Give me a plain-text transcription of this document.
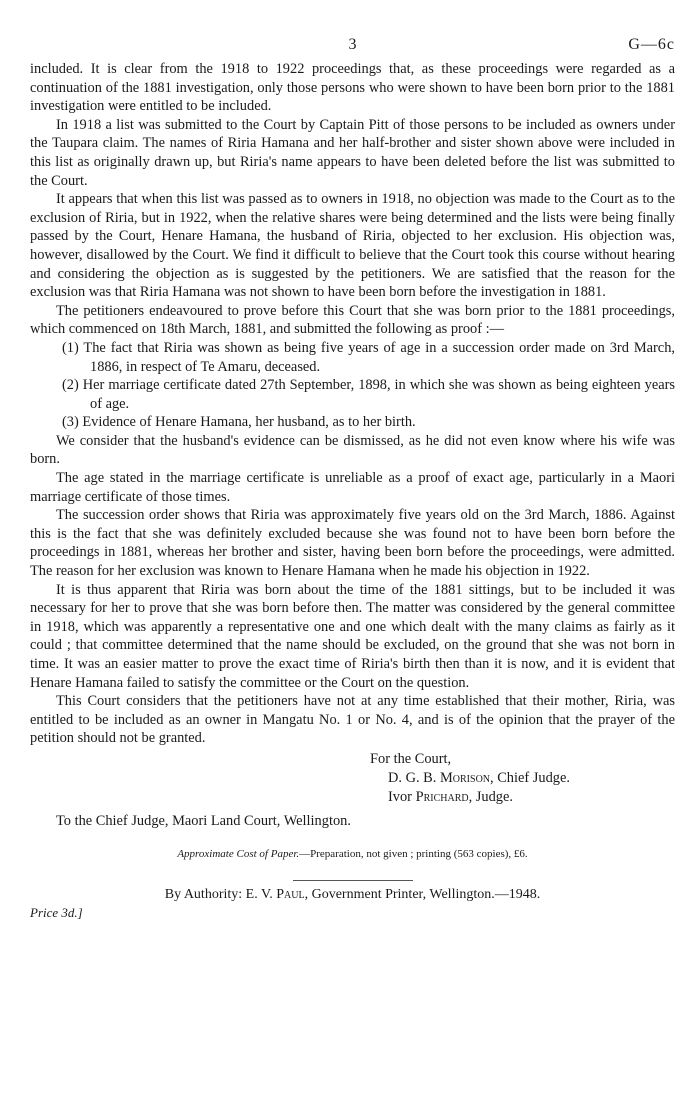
3	G—6c

included. It is clear from the 1918 to 1922 proceedings that, as these proceedings were regarded as a continuation of the 1881 investigation, only those persons who were shown to have been born prior to the 1881 investigation were entitled to be included.

In 1918 a list was submitted to the Court by Captain Pitt of those persons to be included as owners under the Taupara claim. The names of Riria Hamana and her half-brother and sister shown above were included in this list as originally drawn up, but Riria's name appears to have been deleted before the list was submitted to the Court.

It appears that when this list was passed as to owners in 1918, no objection was made to the Court as to the exclusion of Riria, but in 1922, when the relative shares were being determined and the lists were being finally passed by the Court, Henare Hamana, the husband of Riria, objected to her exclusion. His objection was, however, disallowed by the Court. We find it difficult to believe that the Court took this course without hearing and considering the objection as is suggested by the petitioners. We are satisfied that the reason for the exclusion was that Riria Hamana was not shown to have been born before the investigation in 1881.

The petitioners endeavoured to prove before this Court that she was born prior to the 1881 proceedings, which commenced on 18th March, 1881, and submitted the following as proof :—

(1) The fact that Riria was shown as being five years of age in a succession order made on 3rd March, 1886, in respect of Te Amaru, deceased.

(2) Her marriage certificate dated 27th September, 1898, in which she was shown as being eighteen years of age.

(3) Evidence of Henare Hamana, her husband, as to her birth.

We consider that the husband's evidence can be dismissed, as he did not even know where his wife was born.

The age stated in the marriage certificate is unreliable as a proof of exact age, particularly in a Maori marriage certificate of those times.

The succession order shows that Riria was approximately five years old on the 3rd March, 1886. Against this is the fact that she was definitely excluded because she was found not to have been born before the proceedings in 1881, whereas her brother and sister, having been born before the proceedings, were admitted. The reason for her exclusion was known to Henare Hamana when he made his objection in 1922.

It is thus apparent that Riria was born about the time of the 1881 sittings, but to be included it was necessary for her to prove that she was born before then. The matter was considered by the general committee in 1918, which was apparently a representative one and one which dealt with the many claims as fairly as it could ; that committee determined that the name should be excluded, on the ground that she was not born in time. It was an easier matter to prove the exact time of Riria's birth then than it is now, and it is evident that Henare Hamana failed to satisfy the committee or the Court on the question.

This Court considers that the petitioners have not at any time established that their mother, Riria, was entitled to be included as an owner in Mangatu No. 1 or No. 4, and is of the opinion that the prayer of the petition should not be granted.

For the Court,
D. G. B. Morison, Chief Judge.
Ivor Prichard, Judge.

To the Chief Judge, Maori Land Court, Wellington.

Approximate Cost of Paper.—Preparation, not given ; printing (563 copies), £6.
By Authority: E. V. Paul, Government Printer, Wellington.—1948.
Price 3d.]
